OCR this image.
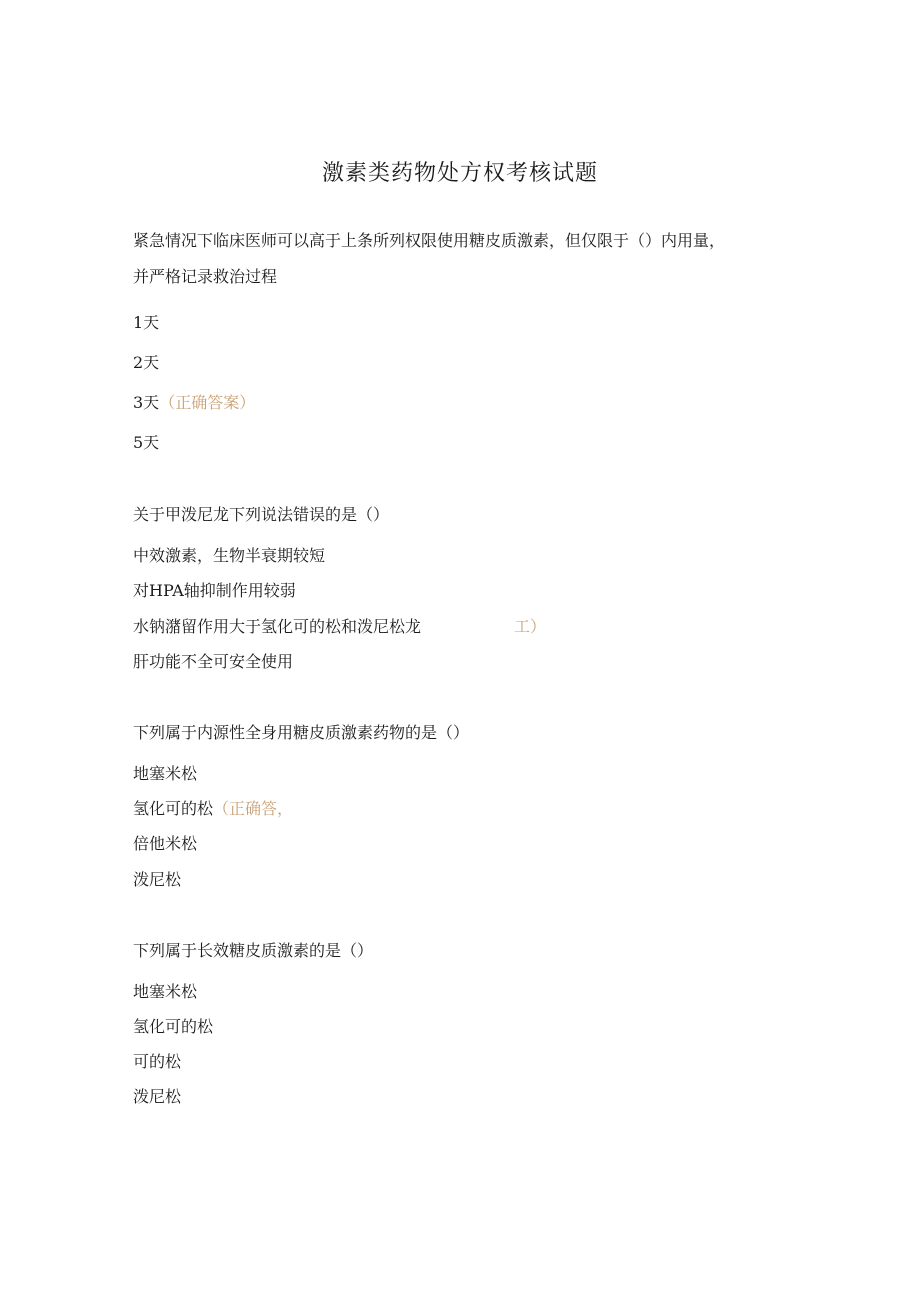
激素类药物处方权考核试题
紧急情况下临床医师可以高于上条所列权限使用糖皮质激素，但仅限于（）内用量，
并严格记录救治过程
1天
2天
3天（正确答案）
5天
关于甲泼尼龙下列说法错误的是（）
中效激素，生物半衰期较短
对HPA轴抑制作用较弱
水钠潴留作用大于氢化可的松和泼尼松龙	工）
肝功能不全可安全使用
下列属于内源性全身用糖皮质激素药物的是（）
地塞米松
氢化可的松（正确答，
倍他米松
泼尼松
下列属于长效糖皮质激素的是（）
地塞米松
氢化可的松
可的松
泼尼松
